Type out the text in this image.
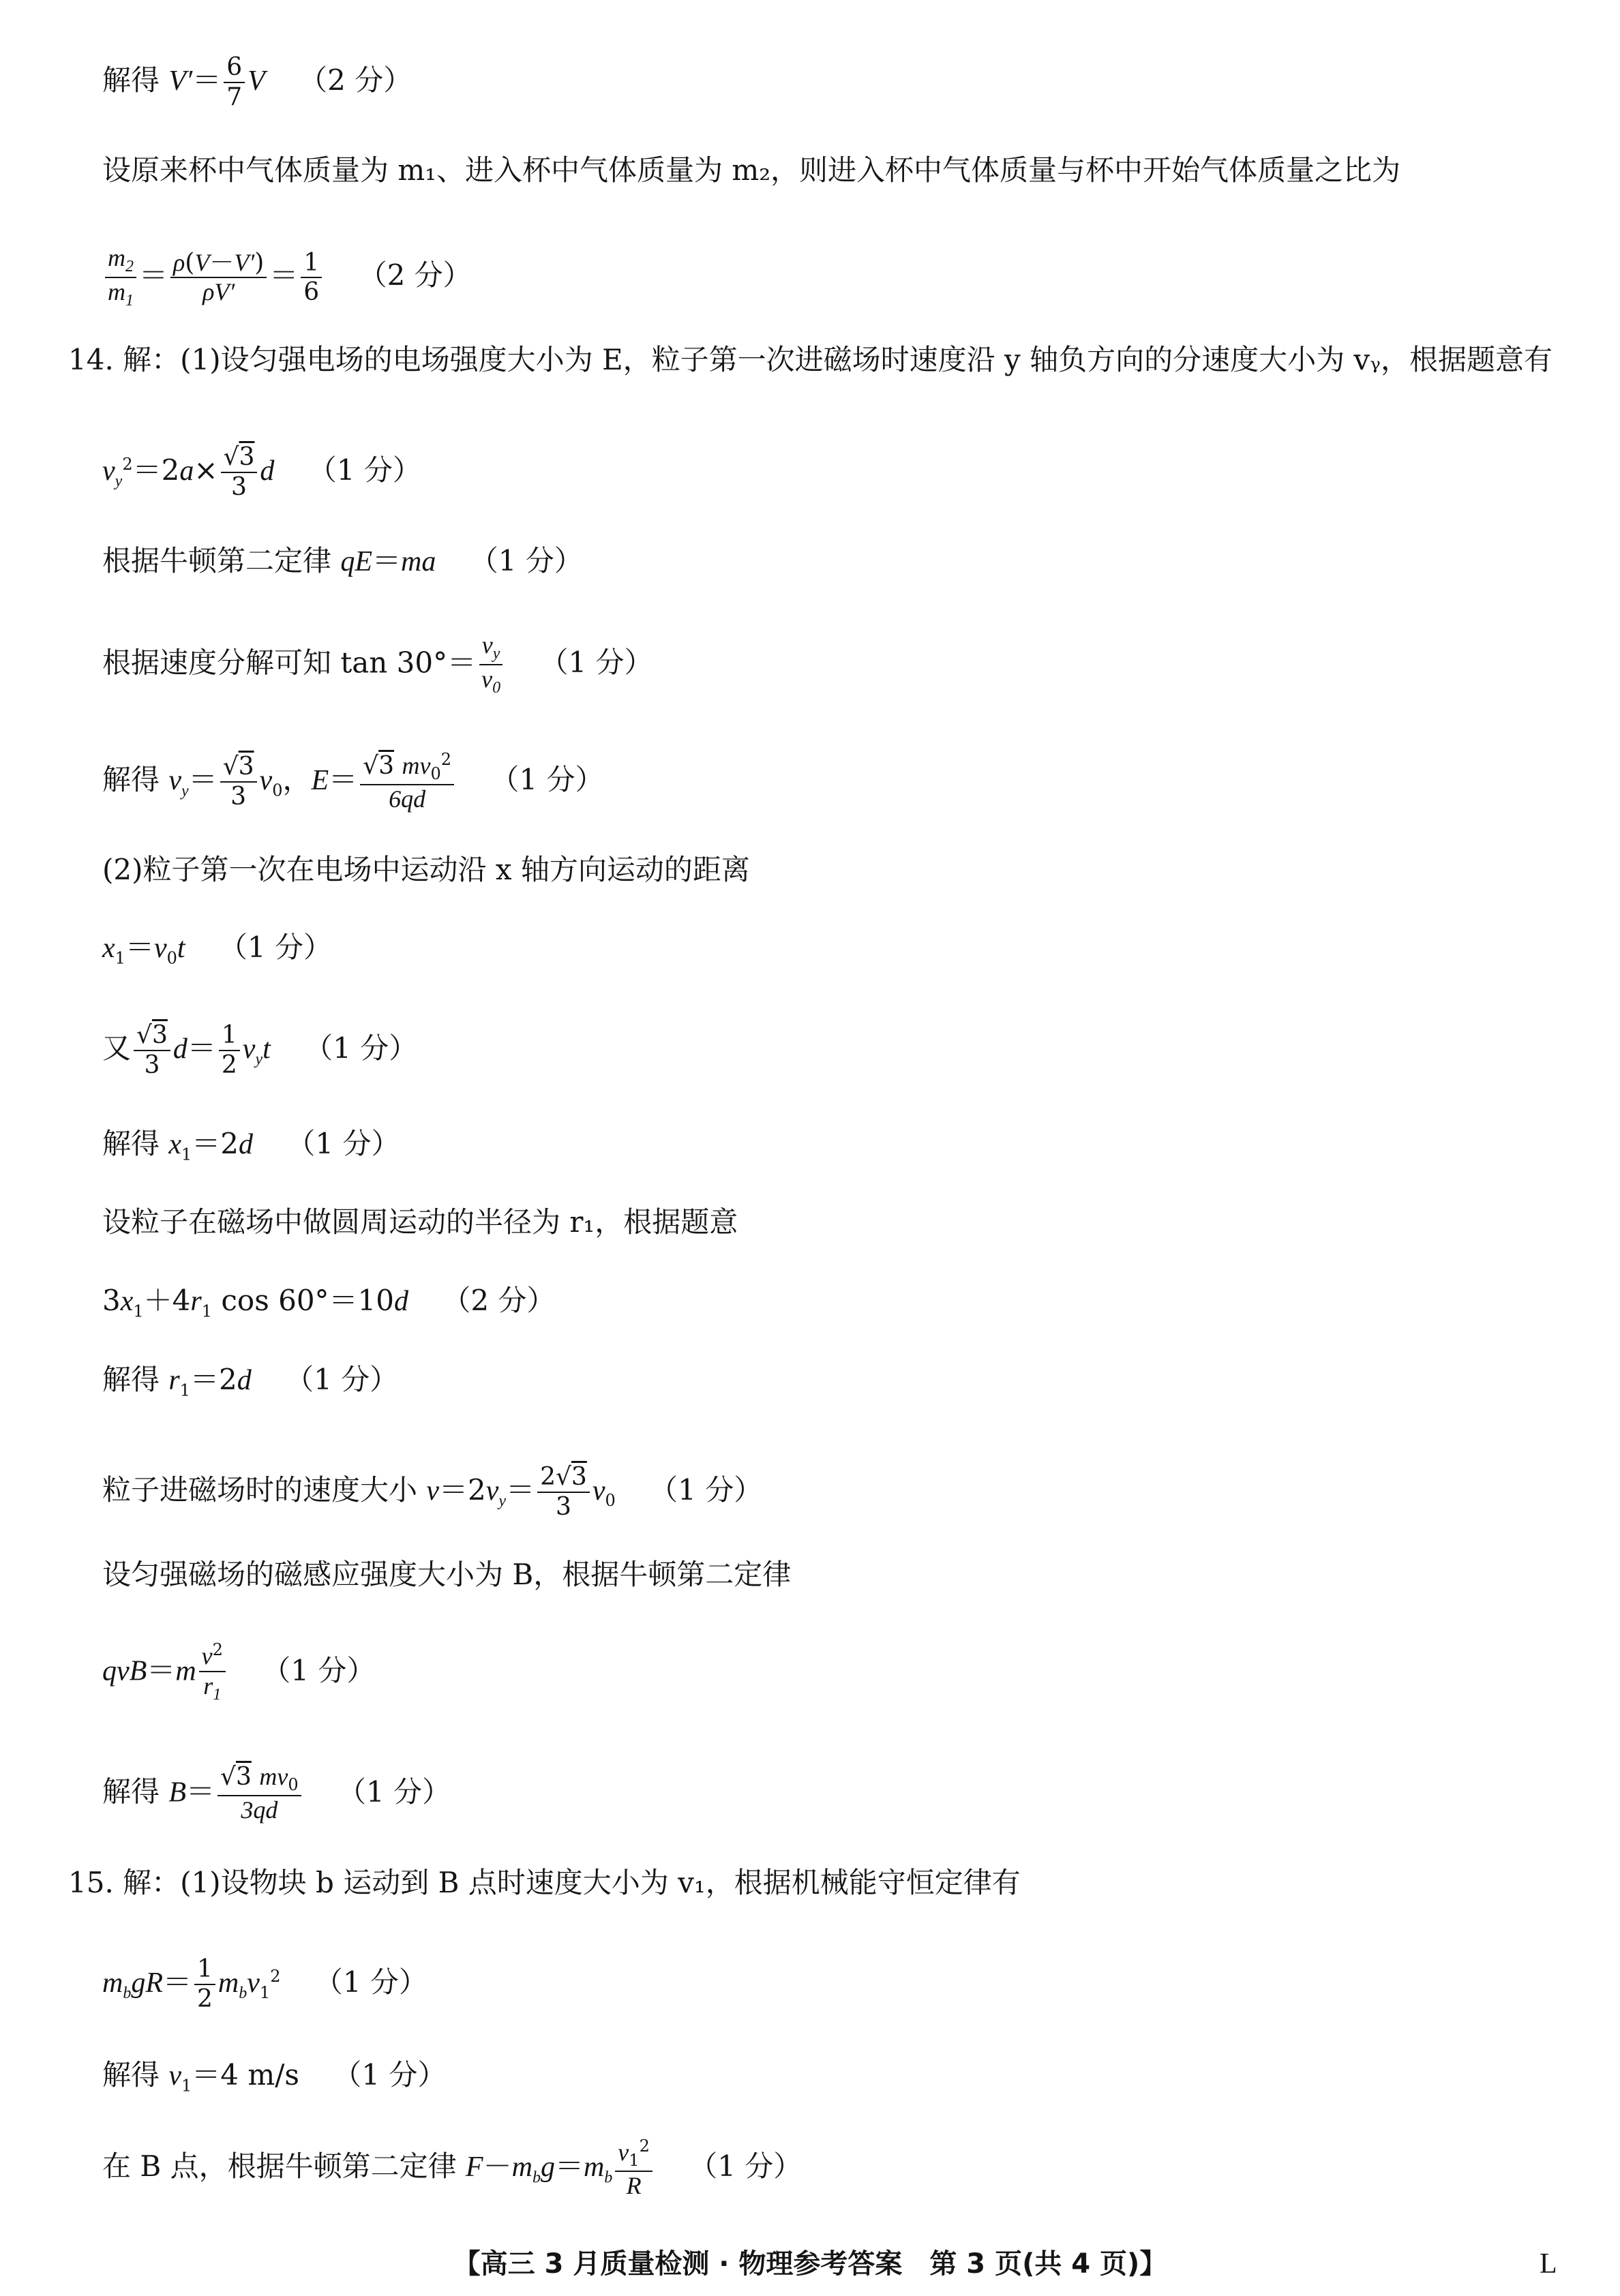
解得 $V'= \frac{6}{7}$ V （2 分）
设原来杯中气体质量为 m₁、进入杯中气体质量为 m₂，则进入杯中气体质量与杯中开始气体质量之比为
$\frac{m_2}{m_1} = \frac{\rho(V-V')}{\rho V'} = \frac{1}{6} (2$ 分）
14. 解：(1)设匀强电场的电场强度大小为 E，粒子第一次进磁场时速度沿 y 轴负方向的分速度大小为 vᵧ，根据题意有
$v_y^2=2a\times \frac{√3}{3}$ d （1 分）
根据牛顿第二定律 qE＝ma （1 分）
根据速度分解可知 $\tan 30^\circ= \frac{v_y}{v_0} (1$ 分）
解得 $v_y= \frac{√3}{3} v_0$，$E= \frac{√3 mv_0^2}{6qd} (1$ 分）
(2)粒子第一次在电场中运动沿 x 轴方向运动的距离
$x_1=v_0t$ （1 分）
又 $\frac{√3}{3} d= \frac{1}{2} v_yt$ （1 分）
解得 $x_1=2d$ （1 分）
设粒子在磁场中做圆周运动的半径为 r₁，根据题意
$3x_1+4r_1$ cos 60°＝10d （2 分）
解得 $r_1=2d$ （1 分）
粒子进磁场时的速度大小 $v=2v_y= \frac{2√3}{3} v_0$ （1 分）
设匀强磁场的磁感应强度大小为 B，根据牛顿第二定律
$qvB=m \frac{v^2}{r_1} (1$ 分）
解得 $B= \frac{√3 mv_0}{3qd} (1$ 分）
15. 解：(1)设物块 b 运动到 B 点时速度大小为 v₁，根据机械能守恒定律有
$m_bgR= \frac{1}{2} m_bv_1^2$ （1 分）
解得 $v_1=4$ m/s （1 分）
在 B 点，根据牛顿第二定律 $F-m_bg=m_b \frac{v_1^2}{R} (1$ 分）
【高三 3 月质量检测 · 物理参考答案　第 3 页(共 4 页)】	L
